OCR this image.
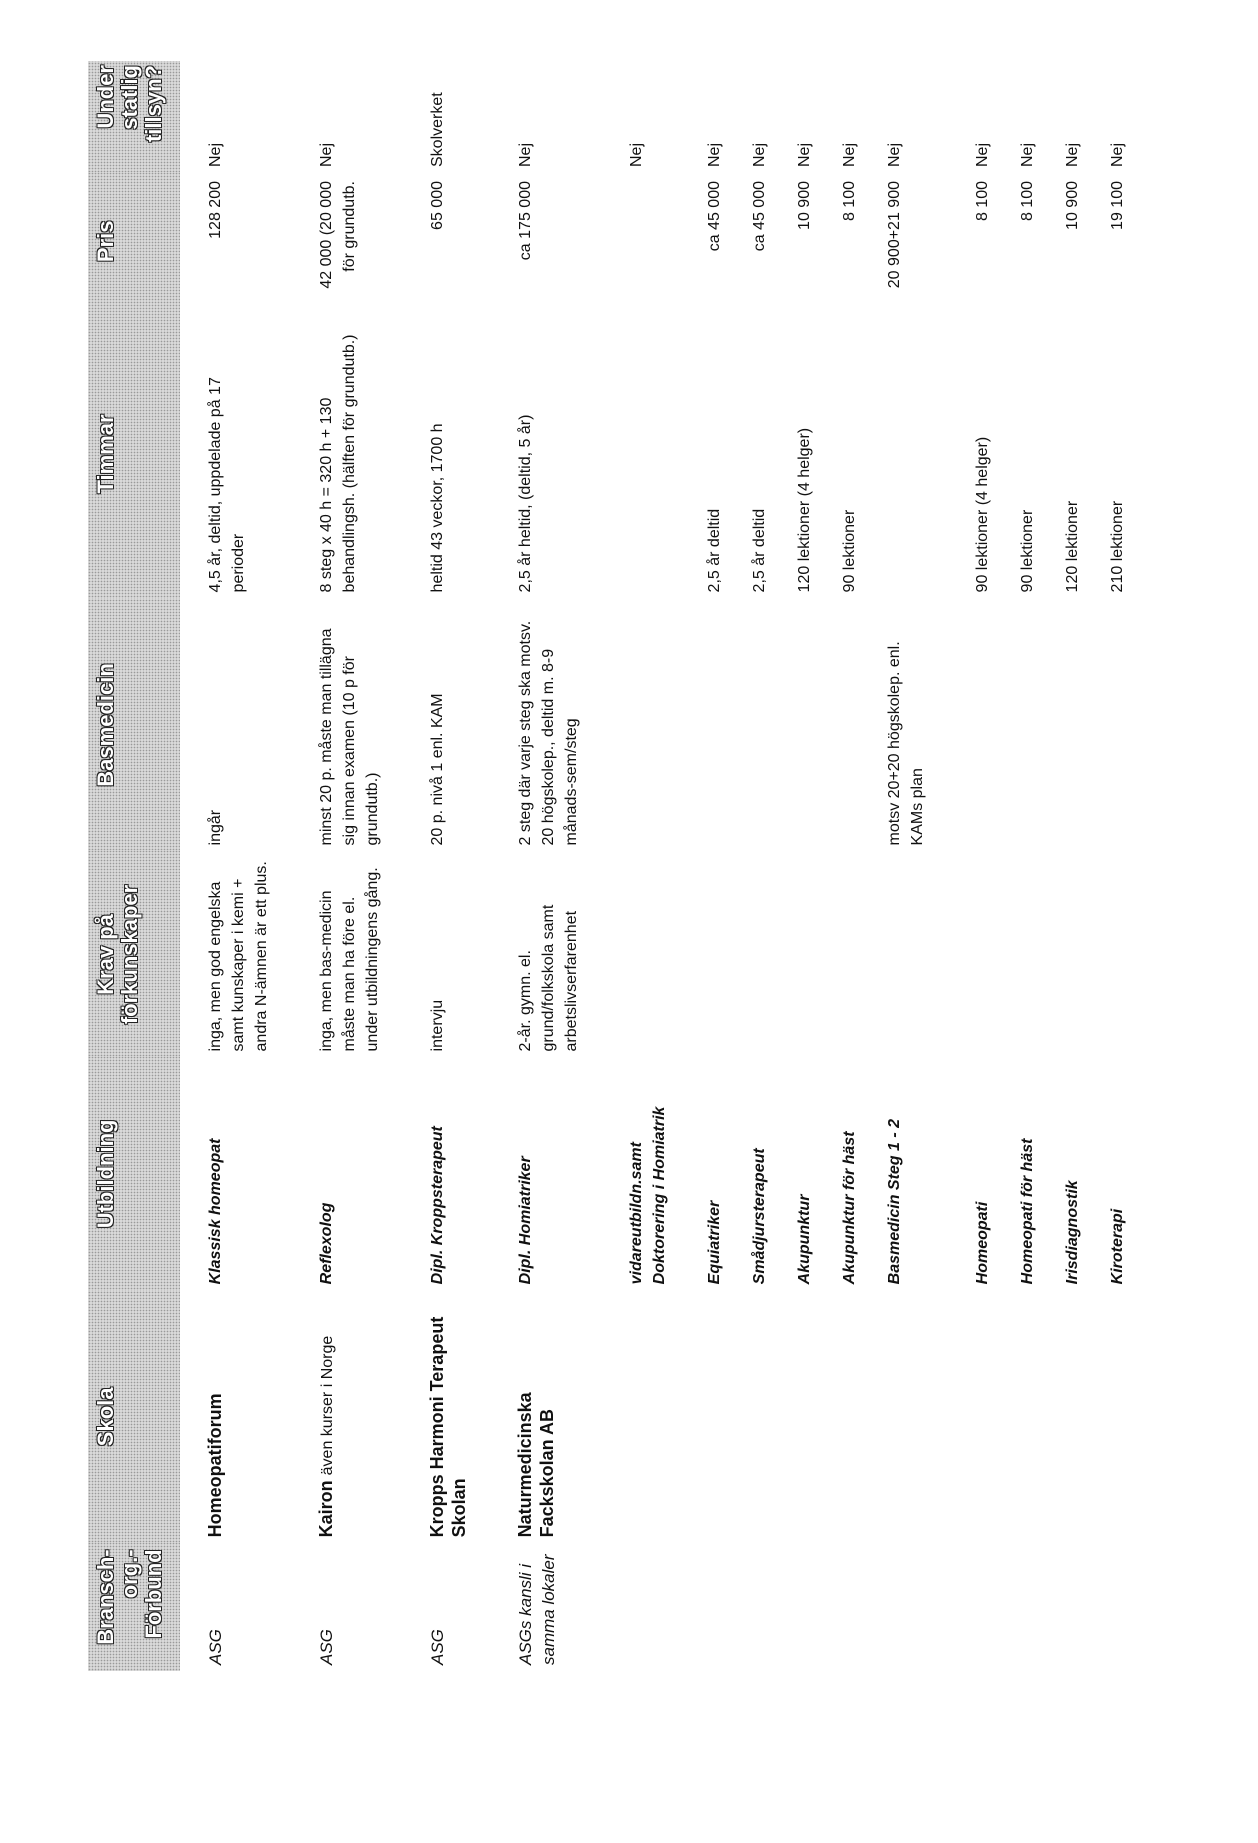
Bransch-org.-Förbund	Skola	Utbildning	Krav på förkunskaper	Basmedicin	Timmar	Pris	Under statlig tillsyn?
ASG	Homeopatiforum	Klassisk homeopat	inga, men god engelska samt kunskaper i kemi + andra N-ämnen är ett plus.	ingår	4,5 år, deltid, uppdelade på 17 perioder	128 200	Nej
ASG	Kairon även kurser i Norge	Reflexolog	inga, men bas-medicin måste man ha före el. under utbildningens gång.	minst 20 p. måste man tillägna sig innan examen (10 p för grundutb.)	8 steg x 40 h = 320 h + 130 behandlingsh. (hälften för grundutb.)	42 000 (20 000 för grundutb.	Nej
ASG	Kropps Harmoni Terapeut Skolan	Dipl. Kroppsterapeut	intervju	20 p. nivå 1 enl. KAM	heltid 43 veckor, 1700 h	65 000	Skolverket
ASGs kansli i samma lokaler	Naturmedicinska Fackskolan AB	Dipl. Homiatriker	2-år. gymn. el. grund/folkskola samt arbetslivserfarenhet	2 steg där varje steg ska motsv. 20 högskolep., deltid m. 8-9 månads-sem/steg	2,5 år heltid, (deltid, 5 år)	ca 175 000	Nej
		vidareutbildn.samt Doktorering i Homiatrik					Nej
		Equiatriker			2,5 år deltid	ca 45 000	Nej
		Smådjursterapeut			2,5 år deltid	ca 45 000	Nej
		Akupunktur			120 lektioner (4 helger)	10 900	Nej
		Akupunktur för häst			90 lektioner	8 100	Nej
		Basmedicin Steg 1 - 2		motsv 20+20 högskolep. enl. KAMs plan		20 900+21 900	Nej
		Homeopati			90 lektioner (4 helger)	8 100	Nej
		Homeopati för häst			90 lektioner	8 100	Nej
		Irisdiagnostik			120 lektioner	10 900	Nej
		Kiroterapi			210 lektioner	19 100	Nej
